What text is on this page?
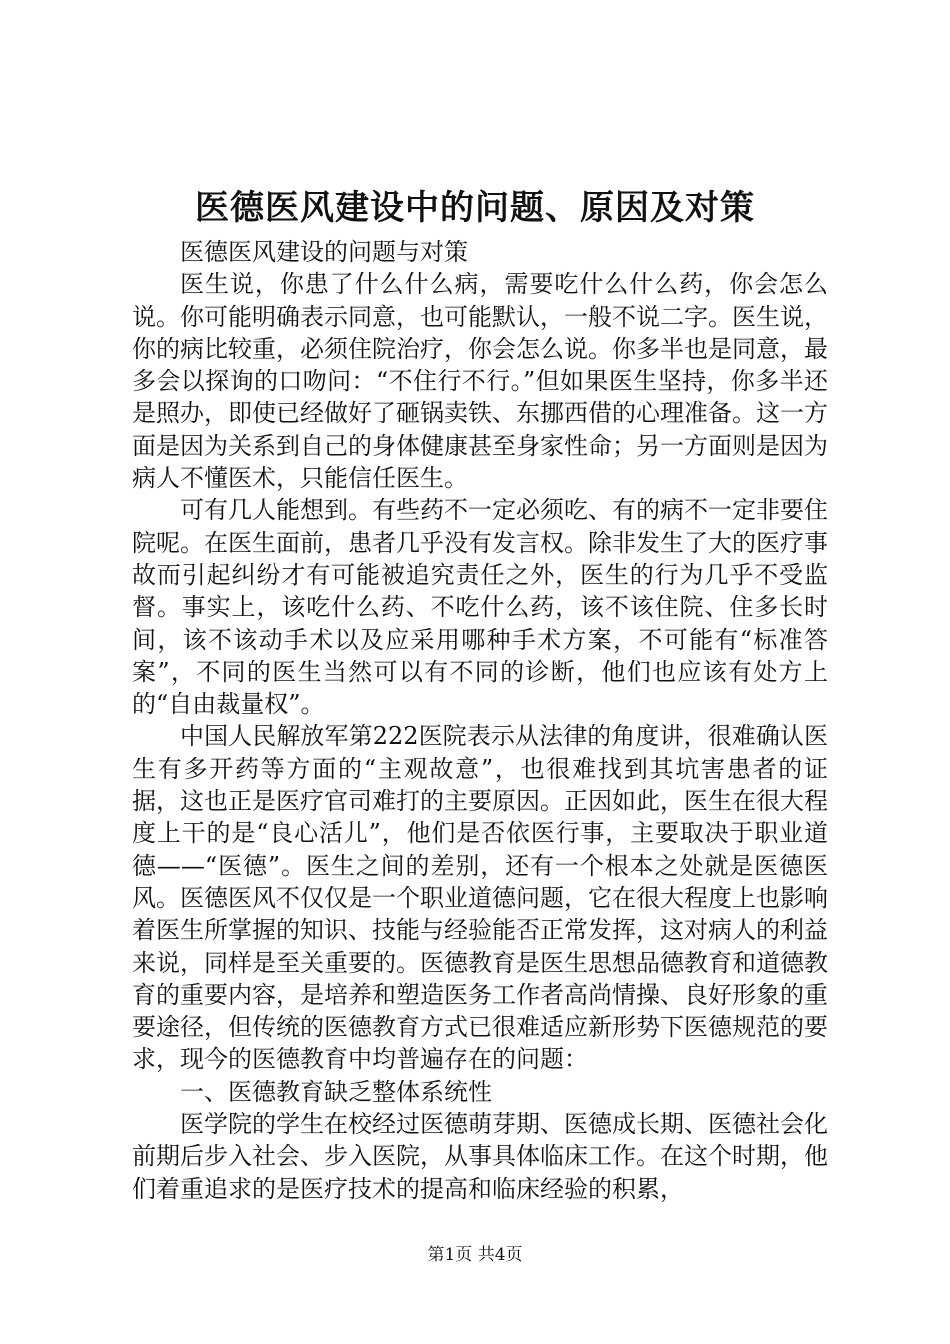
医德医风建设中的问题、原因及对策

医德医风建设的问题与对策

医生说，你患了什么什么病，需要吃什么什么药，你会怎么说。你可能明确表示同意，也可能默认，一般不说二字。医生说，你的病比较重，必须住院治疗，你会怎么说。你多半也是同意，最多会以探询的口吻问：“不住行不行。”但如果医生坚持，你多半还是照办，即使已经做好了砸锅卖铁、东挪西借的心理准备。这一方面是因为关系到自己的身体健康甚至身家性命；另一方面则是因为病人不懂医术，只能信任医生。

可有几人能想到。有些药不一定必须吃、有的病不一定非要住院呢。在医生面前，患者几乎没有发言权。除非发生了大的医疗事故而引起纠纷才有可能被追究责任之外，医生的行为几乎不受监督。事实上，该吃什么药、不吃什么药，该不该住院、住多长时间，该不该动手术以及应采用哪种手术方案，不可能有“标准答案”，不同的医生当然可以有不同的诊断，他们也应该有处方上的“自由裁量权”。

中国人民解放军第222医院表示从法律的角度讲，很难确认医生有多开药等方面的“主观故意”，也很难找到其坑害患者的证据，这也正是医疗官司难打的主要原因。正因如此，医生在很大程度上干的是“良心活儿”，他们是否依医行事，主要取决于职业道德——“医德”。医生之间的差别，还有一个根本之处就是医德医风。医德医风不仅仅是一个职业道德问题，它在很大程度上也影响着医生所掌握的知识、技能与经验能否正常发挥，这对病人的利益来说，同样是至关重要的。医德教育是医生思想品德教育和道德教育的重要内容，是培养和塑造医务工作者高尚情操、良好形象的重要途径，但传统的医德教育方式已很难适应新形势下医德规范的要求，现今的医德教育中均普遍存在的问题：

一、医德教育缺乏整体系统性

医学院的学生在校经过医德萌芽期、医德成长期、医德社会化前期后步入社会、步入医院，从事具体临床工作。在这个时期，他们着重追求的是医疗技术的提高和临床经验的积累，

第1页 共4页
